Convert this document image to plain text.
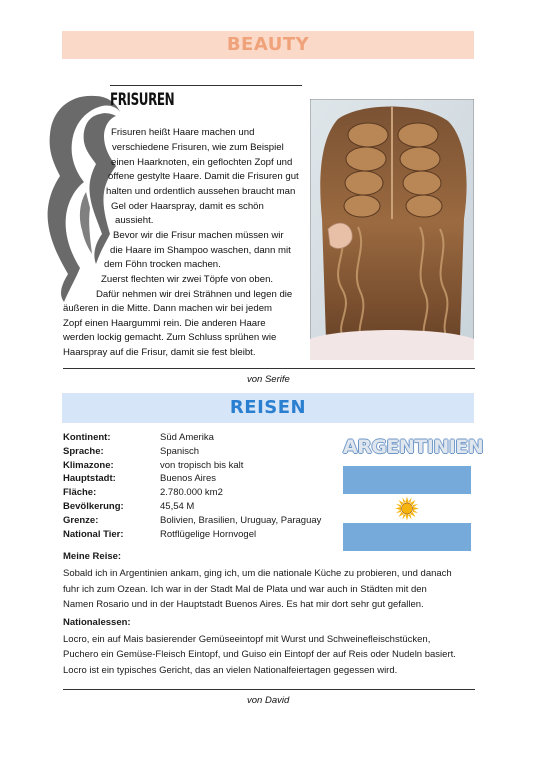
BEAUTY
FRISUREN
Frisuren heißt Haare machen und
verschiedene Frisuren, wie zum Beispiel
einen Haarknoten, ein geflochten Zopf und
offene gestylte Haare. Damit die Frisuren gut
halten und ordentlich aussehen braucht man
Gel oder Haarspray, damit es schön
aussieht.
Bevor wir die Frisur machen müssen wir
die Haare im Shampoo waschen, dann mit
dem Föhn trocken machen.
Zuerst flechten wir zwei Töpfe von oben.
Dafür nehmen wir drei Strähnen und legen die
äußeren in die Mitte. Dann machen wir bei jedem
Zopf einen Haargummi rein. Die anderen Haare
werden lockig gemacht. Zum Schluss sprühen wie
Haarspray auf die Frisur, damit sie fest bleibt.
von Serife
REISEN
Kontinent:	Süd Amerika
Sprache:	Spanisch
Klimazone:	von tropisch bis kalt
Hauptstadt:	Buenos Aires
Fläche:	2.780.000 km2
Bevölkerung:	45,54 M
Grenze:	Bolivien, Brasilien, Uruguay, Paraguay
National Tier:	Rotflügelige Hornvogel
ARGENTINIEN
Meine Reise:
Sobald ich in Argentinien ankam, ging ich, um die nationale Küche zu probieren, und danach
fuhr ich zum Ozean. Ich war in der Stadt Mal de Plata und war auch in Städten mit den
Namen Rosario und in der Hauptstadt Buenos Aires. Es hat mir dort sehr gut gefallen.
Nationalessen:
Locro, ein auf Mais basierender Gemüseeintopf mit Wurst und Schweinefleischstücken,
Puchero ein Gemüse-Fleisch Eintopf, und Guiso ein Eintopf der auf Reis oder Nudeln basiert.
Locro ist ein typisches Gericht, das an vielen Nationalfeiertagen gegessen wird.
von David
